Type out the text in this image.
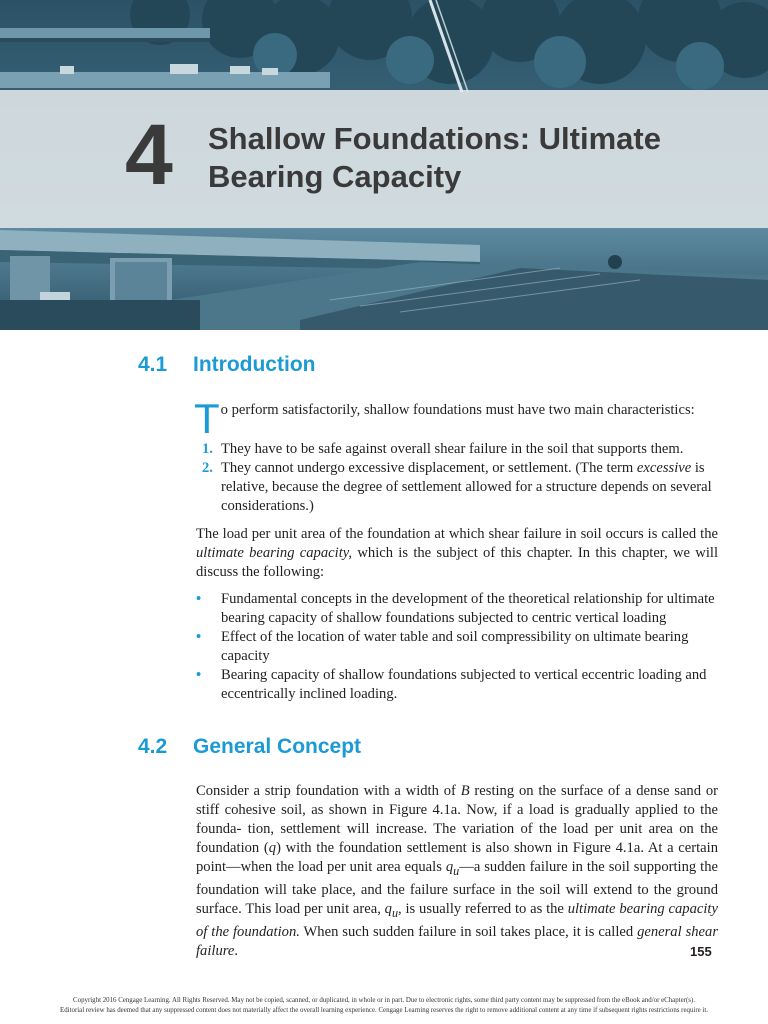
4 Shallow Foundations: Ultimate
Bearing Capacity
4.1 Introduction
To perform satisfactorily, shallow foundations must have two main characteristics:
1. They have to be safe against overall shear failure in the soil that supports them.
2. They cannot undergo excessive displacement, or settlement. (The term excessive is relative, because the degree of settlement allowed for a structure depends on several considerations.)
The load per unit area of the foundation at which shear failure in soil occurs is called the ultimate bearing capacity, which is the subject of this chapter. In this chapter, we will discuss the following:
• Fundamental concepts in the development of the theoretical relationship for ultimate bearing capacity of shallow foundations subjected to centric vertical loading
• Effect of the location of water table and soil compressibility on ultimate bearing capacity
• Bearing capacity of shallow foundations subjected to vertical eccentric loading and eccentrically inclined loading.
4.2 General Concept
Consider a strip foundation with a width of B resting on the surface of a dense sand or stiff cohesive soil, as shown in Figure 4.1a. Now, if a load is gradually applied to the founda- tion, settlement will increase. The variation of the load per unit area on the foundation (q) with the foundation settlement is also shown in Figure 4.1a. At a certain point—when the load per unit area equals $q_u—a$ sudden failure in the soil supporting the foundation will take place, and the failure surface in the soil will extend to the ground surface. This load per unit area, $q_u$, is usually referred to as the ultimate bearing capacity of the foundation. When such sudden failure in soil takes place, it is called general shear failure.	155
Copyright 2016 Cengage Learning. All Rights Reserved. May not be copied, scanned, or duplicated, in whole or in part. Due to electronic rights, some third party content may be suppressed from the eBook and/or eChapter(s).
Editorial review has deemed that any suppressed content does not materially affect the overall learning experience. Cengage Learning reserves the right to remove additional content at any time if subsequent rights restrictions require it.
